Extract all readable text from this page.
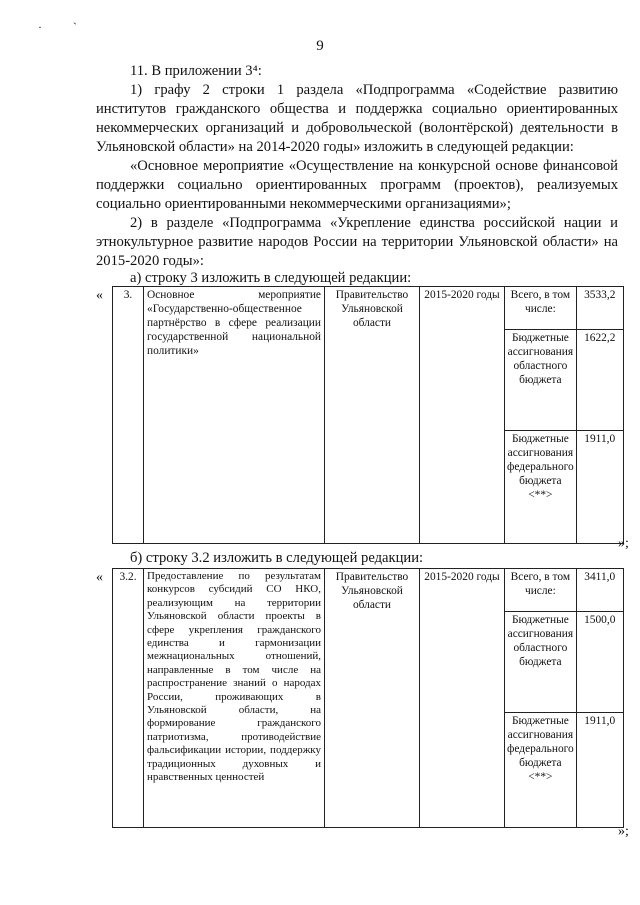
· ˋ
9
11. В приложении 3⁴:
1) графу 2 строки 1 раздела «Подпрограмма «Содействие развитию институтов гражданского общества и поддержка социально ориентированных некоммерческих организаций и добровольческой (волонтёрской) деятельности в Ульяновской области» на 2014-2020 годы» изложить в следующей редакции:
«Основное мероприятие «Осуществление на конкурсной основе финансовой поддержки социально ориентированных программ (проектов), реализуемых социально ориентированными некоммерческими организациями»;
2) в разделе «Подпрограмма «Укрепление единства российской нации и этнокультурное развитие народов России на территории Ульяновской области» на 2015-2020 годы»:
а) строку 3 изложить в следующей редакции:
« 3.	Основное мероприятие «Государственно-общественное партнёрство в сфере реализации государственной национальной политики»	Правительство Ульяновской области	2015-2020 годы	Всего, в том числе:	3533,2
				Бюджетные ассигнования областного бюджета	1622,2
				Бюджетные ассигнования федерального бюджета <**>	1911,0
»;
б) строку 3.2 изложить в следующей редакции:
« 3.2.	Предоставление по результатам конкурсов субсидий СО НКО, реализующим на территории Ульяновской области проекты в сфере укрепления гражданского единства и гармонизации межнациональных отношений, направленные в том числе на распространение знаний о народах России, проживающих в Ульяновской области, на формирование гражданского патриотизма, противодействие фальсификации истории, поддержку традиционных духовных и нравственных ценностей	Правительство Ульяновской области	2015-2020 годы	Всего, в том числе:	3411,0
				Бюджетные ассигнования областного бюджета	1500,0
				Бюджетные ассигнования федерального бюджета <**>	1911,0
»;
